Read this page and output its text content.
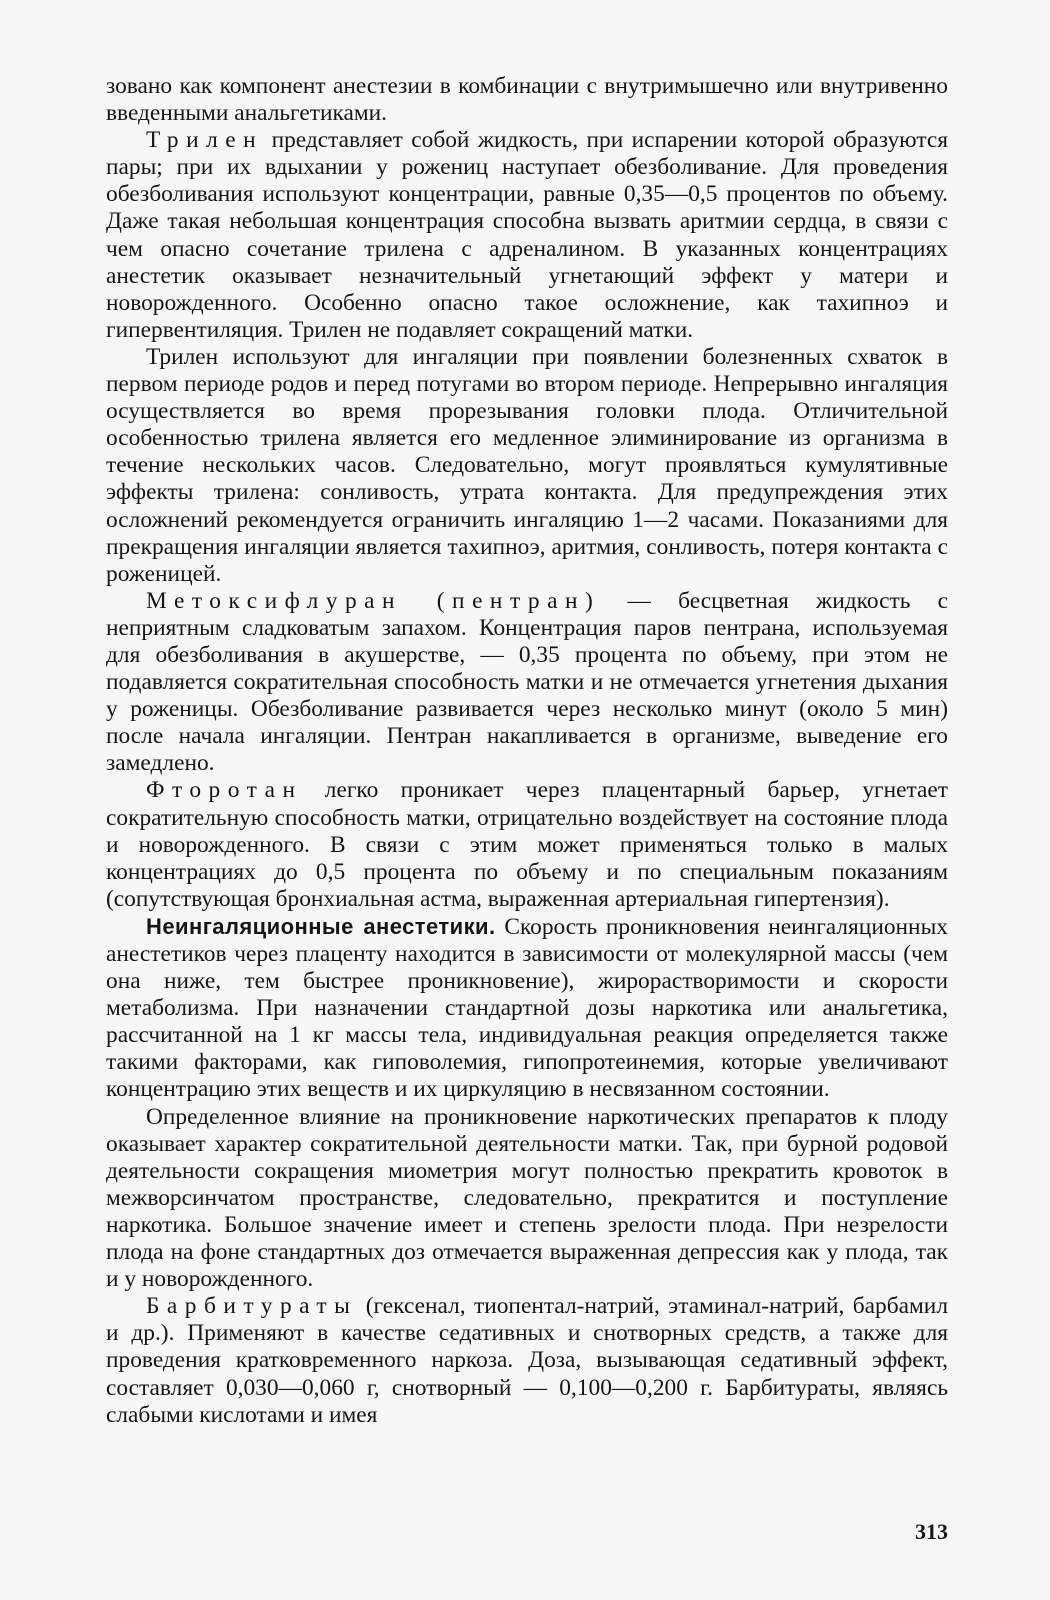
зовано как компонент анестезии в комбинации с внутримышечно или внутривенно введенными анальгетиками.

Трилен представляет собой жидкость, при испарении которой образуются пары; при их вдыхании у рожениц наступает обезболивание. Для проведения обезболивания используют концентрации, равные 0,35—0,5 процентов по объему. Даже такая небольшая концентрация способна вызвать аритмии сердца, в связи с чем опасно сочетание трилена с адреналином. В указанных концентрациях анестетик оказывает незначительный угнетающий эффект у матери и новорожденного. Особенно опасно такое осложнение, как тахипноэ и гипервентиляция. Трилен не подавляет сокращений матки.

Трилен используют для ингаляции при появлении болезненных схваток в первом периоде родов и перед потугами во втором периоде. Непрерывно ингаляция осуществляется во время прорезывания головки плода. Отличительной особенностью трилена является его медленное элиминирование из организма в течение нескольких часов. Следовательно, могут проявляться кумулятивные эффекты трилена: сонливость, утрата контакта. Для предупреждения этих осложнений рекомендуется ограничить ингаляцию 1—2 часами. Показаниями для прекращения ингаляции является тахипноэ, аритмия, сонливость, потеря контакта с роженицей.

Метоксифлуран (пентран) — бесцветная жидкость с неприятным сладковатым запахом. Концентрация паров пентрана, используемая для обезболивания в акушерстве, — 0,35 процента по объему, при этом не подавляется сократительная способность матки и не отмечается угнетения дыхания у роженицы. Обезболивание развивается через несколько минут (около 5 мин) после начала ингаляции. Пентран накапливается в организме, выведение его замедлено.

Фторотан легко проникает через плацентарный барьер, угнетает сократительную способность матки, отрицательно воздействует на состояние плода и новорожденного. В связи с этим может применяться только в малых концентрациях до 0,5 процента по объему и по специальным показаниям (сопутствующая бронхиальная астма, выраженная артериальная гипертензия).

Неингаляционные анестетики. Скорость проникновения неингаляционных анестетиков через плаценту находится в зависимости от молекулярной массы (чем она ниже, тем быстрее проникновение), жирорастворимости и скорости метаболизма. При назначении стандартной дозы наркотика или анальгетика, рассчитанной на 1 кг массы тела, индивидуальная реакция определяется также такими факторами, как гиповолемия, гипопротеинемия, которые увеличивают концентрацию этих веществ и их циркуляцию в несвязанном состоянии.

Определенное влияние на проникновение наркотических препаратов к плоду оказывает характер сократительной деятельности матки. Так, при бурной родовой деятельности сокращения миометрия могут полностью прекратить кровоток в межворсинчатом пространстве, следовательно, прекратится и поступление наркотика. Большое значение имеет и степень зрелости плода. При незрелости плода на фоне стандартных доз отмечается выраженная депрессия как у плода, так и у новорожденного.

Барбитураты (гексенал, тиопентал-натрий, этаминал-натрий, барбамил и др.). Применяют в качестве седативных и снотворных средств, а также для проведения кратковременного наркоза. Доза, вызывающая седативный эффект, составляет 0,030—0,060 г, снотворный — 0,100—0,200 г. Барбитураты, являясь слабыми кислотами и имея

313
